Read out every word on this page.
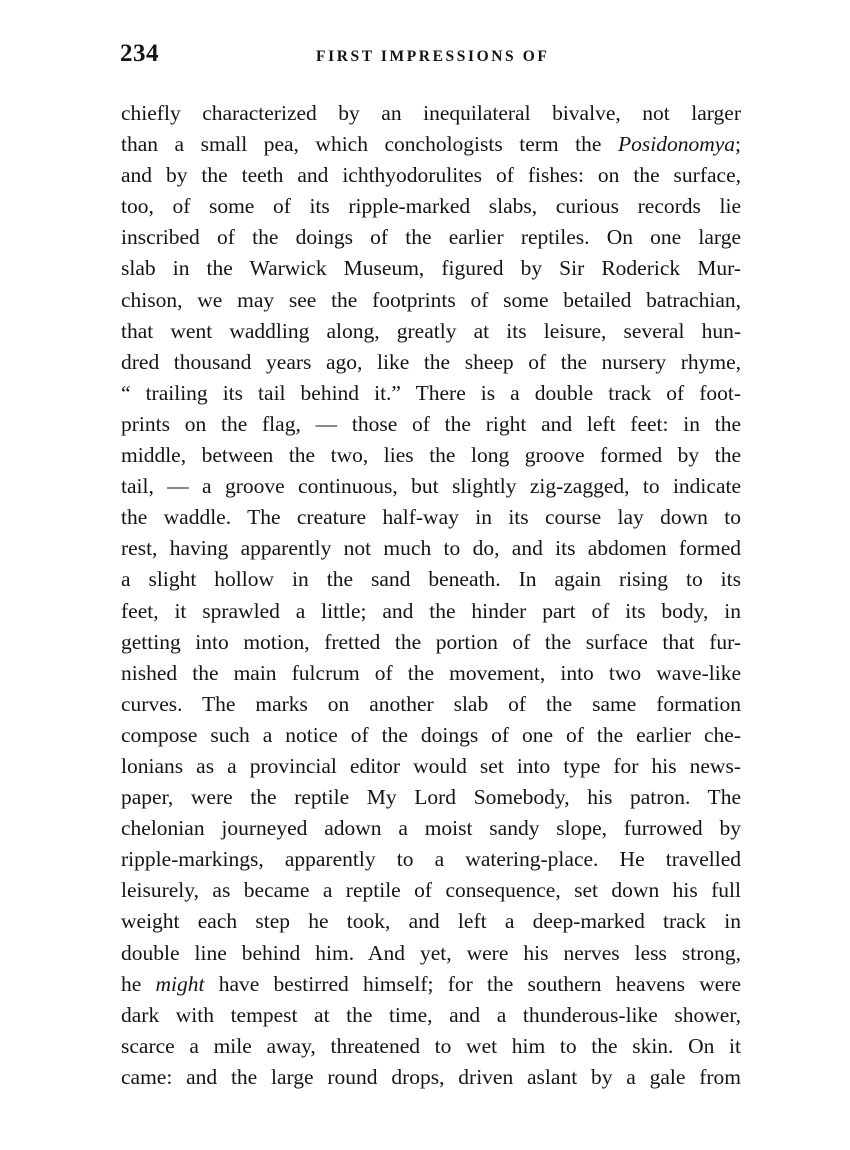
234	FIRST IMPRESSIONS OF
chiefly characterized by an inequilateral bivalve, not larger
than a small pea, which conchologists term the Posidonomya;
and by the teeth and ichthyodorulites of fishes: on the surface,
too, of some of its ripple-marked slabs, curious records lie
inscribed of the doings of the earlier reptiles. On one large
slab in the Warwick Museum, figured by Sir Roderick Mur-
chison, we may see the footprints of some betailed batrachian,
that went waddling along, greatly at its leisure, several hun-
dred thousand years ago, like the sheep of the nursery rhyme,
“ trailing its tail behind it.” There is a double track of foot-
prints on the flag, — those of the right and left feet: in the
middle, between the two, lies the long groove formed by the
tail, — a groove continuous, but slightly zig-zagged, to indicate
the waddle. The creature half-way in its course lay down to
rest, having apparently not much to do, and its abdomen formed
a slight hollow in the sand beneath. In again rising to its
feet, it sprawled a little; and the hinder part of its body, in
getting into motion, fretted the portion of the surface that fur-
nished the main fulcrum of the movement, into two wave-like
curves. The marks on another slab of the same formation
compose such a notice of the doings of one of the earlier che-
lonians as a provincial editor would set into type for his news-
paper, were the reptile My Lord Somebody, his patron. The
chelonian journeyed adown a moist sandy slope, furrowed by
ripple-markings, apparently to a watering-place. He travelled
leisurely, as became a reptile of consequence, set down his full
weight each step he took, and left a deep-marked track in
double line behind him. And yet, were his nerves less strong,
he might have bestirred himself; for the southern heavens were
dark with tempest at the time, and a thunderous-like shower,
scarce a mile away, threatened to wet him to the skin. On it
came: and the large round drops, driven aslant by a gale from
